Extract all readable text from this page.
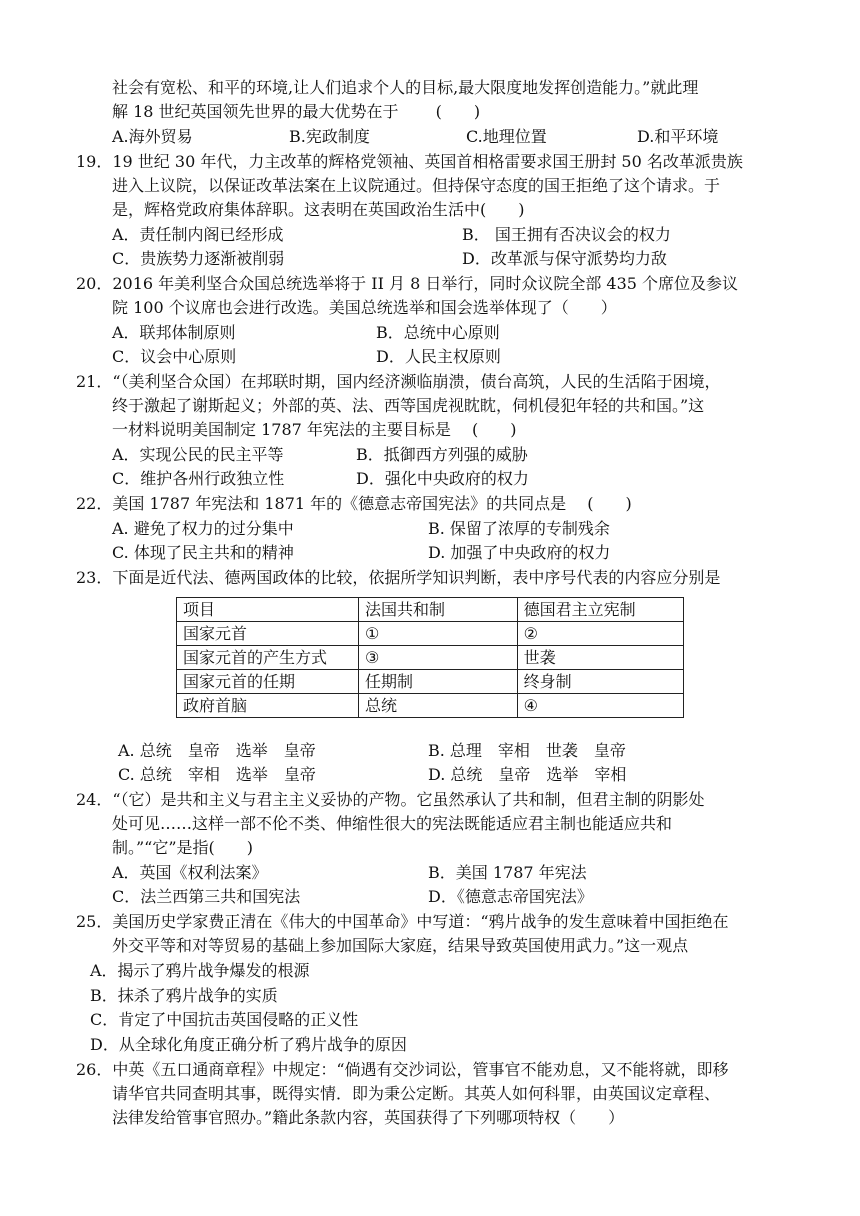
社会有宽松、和平的环境,让人们追求个人的目标,最大限度地发挥创造能力。”就此理
解 18 世纪英国领先世界的最大优势在于　　 (　　)
A.海外贸易	B.宪政制度	C.地理位置	D.和平环境
19．19 世纪 30 年代，力主改革的辉格党领袖、英国首相格雷要求国王册封 50 名改革派贵族
进入上议院，以保证改革法案在上议院通过。但持保守态度的国王拒绝了这个请求。于
是，辉格党政府集体辞职。这表明在英国政治生活中(　　)
A．责任制内阁已经形成	B． 国王拥有否决议会的权力
C．贵族势力逐渐被削弱	D．改革派与保守派势均力敌
20．2016 年美利坚合众国总统选举将于 II 月 8 日举行，同时众议院全部 435 个席位及参议
院 100 个议席也会进行改选。美国总统选举和国会选举体现了（　　）
A．联邦体制原则	B．总统中心原则
C．议会中心原则	D．人民主权原则
21．“（美利坚合众国）在邦联时期，国内经济濒临崩溃，债台高筑，人民的生活陷于困境，
终于激起了谢斯起义；外部的英、法、西等国虎视眈眈，伺机侵犯年轻的共和国。”这
一材料说明美国制定 1787 年宪法的主要目标是　 (　　)
A．实现公民的民主平等	B．抵御西方列强的威胁
C．维护各州行政独立性	D．强化中央政府的权力
22．美国 1787 年宪法和 1871 年的《德意志帝国宪法》的共同点是　 (　　)
A. 避免了权力的过分集中	B. 保留了浓厚的专制残余
C. 体现了民主共和的精神	D. 加强了中央政府的权力
23．下面是近代法、德两国政体的比较，依据所学知识判断，表中序号代表的内容应分别是
项目	法国共和制	德国君主立宪制
国家元首	①	②
国家元首的产生方式	③	世袭
国家元首的任期	任期制	终身制
政府首脑	总统	④
A. 总统　皇帝　选举　皇帝	B. 总理　宰相　世袭　皇帝
C. 总统　宰相　选举　皇帝	D. 总统　皇帝　选举　宰相
24．“（它）是共和主义与君主主义妥协的产物。它虽然承认了共和制，但君主制的阴影处
处可见……这样一部不伦不类、伸缩性很大的宪法既能适应君主制也能适应共和
制。”“它”是指(　　)
A．英国《权利法案》	B．美国 1787 年宪法
C．法兰西第三共和国宪法	D．《德意志帝国宪法》
25．美国历史学家费正清在《伟大的中国革命》中写道：“鸦片战争的发生意味着中国拒绝在
外交平等和对等贸易的基础上参加国际大家庭，结果导致英国使用武力。”这一观点
A．揭示了鸦片战争爆发的根源
B．抹杀了鸦片战争的实质
C．肯定了中国抗击英国侵略的正义性
D．从全球化角度正确分析了鸦片战争的原因
26．中英《五口通商章程》中规定：“倘遇有交沙词讼，管事官不能劝息，又不能将就，即移
请华官共同查明其事，既得实情．即为秉公定断。其英人如何科罪，由英国议定章程、
法律发给管事官照办。”籍此条款内容，英国获得了下列哪项特权（　　）
